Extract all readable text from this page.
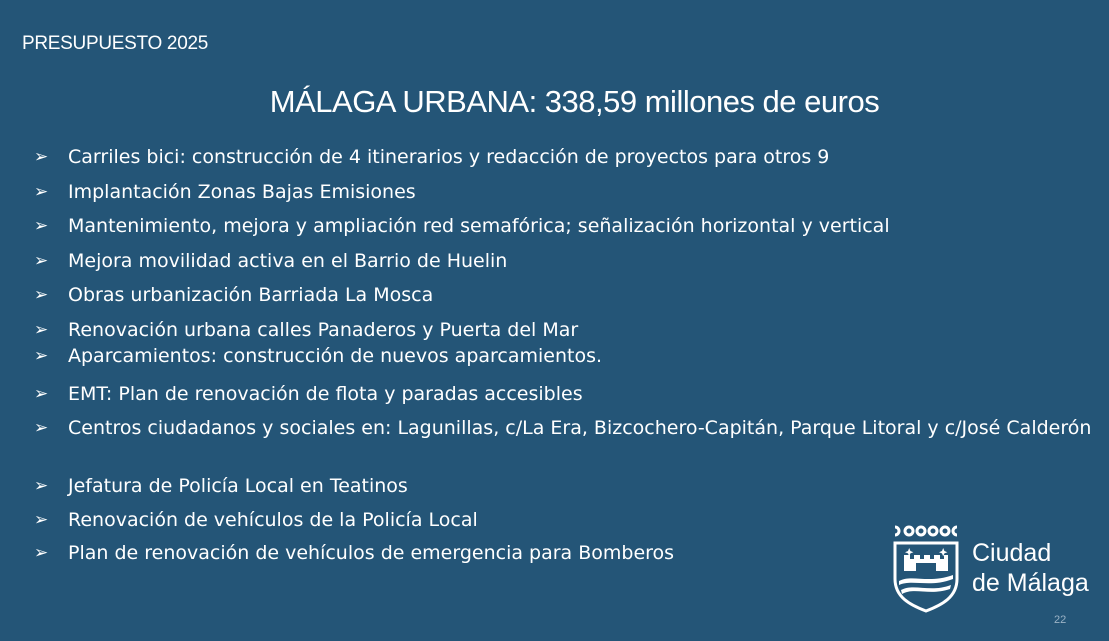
PRESUPUESTO 2025
MÁLAGA URBANA: 338,59 millones de euros
➢	Carriles bici: construcción de 4 itinerarios y redacción de proyectos para otros 9
➢	Implantación Zonas Bajas Emisiones
➢	Mantenimiento, mejora y ampliación red semafórica; señalización horizontal y vertical
➢	Mejora movilidad activa en el Barrio de Huelin
➢	Obras urbanización Barriada La Mosca
➢	Renovación urbana calles Panaderos y Puerta del Mar
➢	Aparcamientos: construcción de nuevos aparcamientos.
➢	EMT: Plan de renovación de flota y paradas accesibles
➢	Centros ciudadanos y sociales en: Lagunillas, c/La Era, Bizcochero-Capitán, Parque Litoral y c/José Calderón
➢	Jefatura de Policía Local en Teatinos
➢	Renovación de vehículos de la Policía Local
➢	Plan de renovación de vehículos de emergencia para Bomberos	Ciudad
de Málaga
22
